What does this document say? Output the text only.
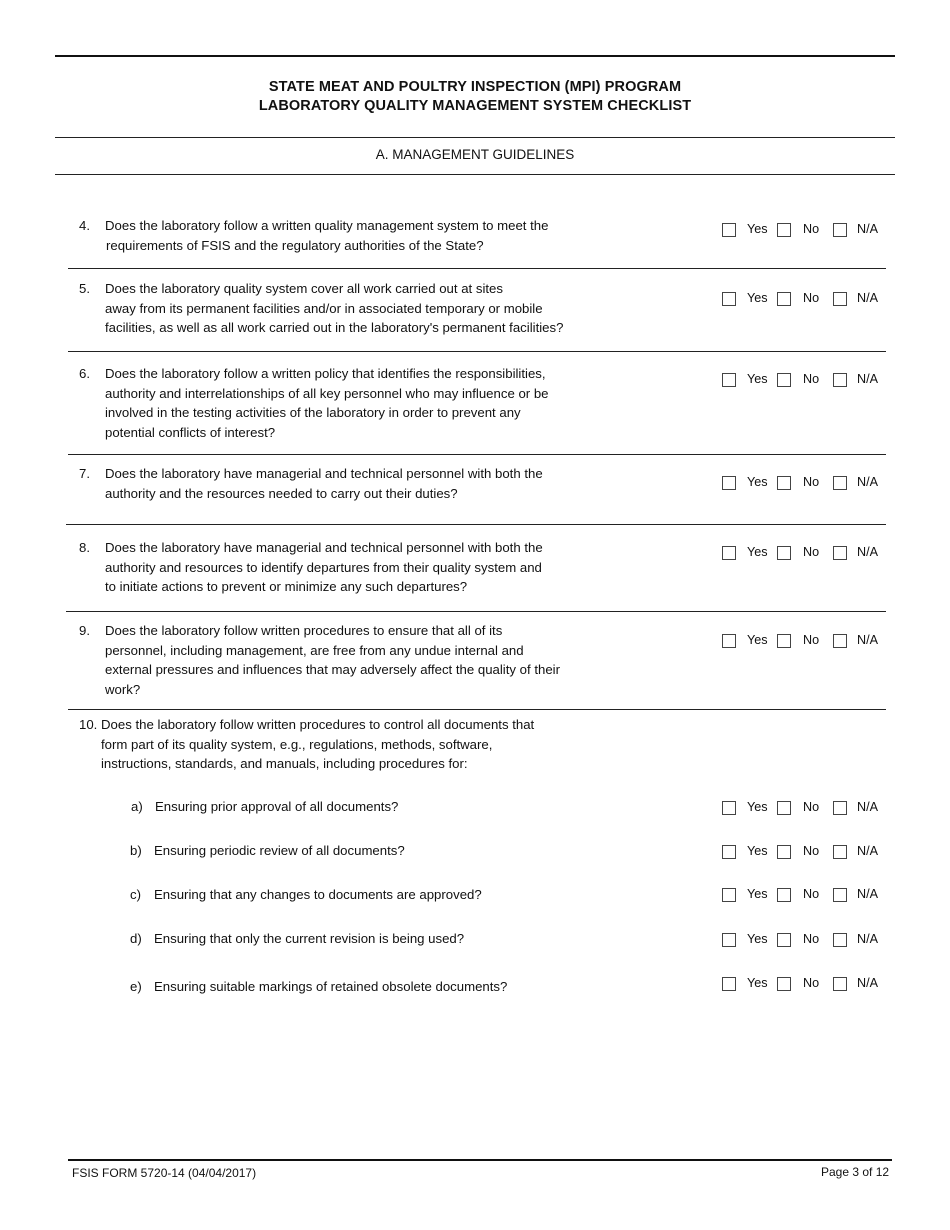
STATE MEAT AND POULTRY INSPECTION (MPI) PROGRAM
LABORATORY QUALITY MANAGEMENT SYSTEM CHECKLIST
A. MANAGEMENT GUIDELINES
4. Does the laboratory follow a written quality management system to meet the
requirements of FSIS and the regulatory authorities of the State?
Yes	No	N/A
5. Does the laboratory quality system cover all work carried out at sites
away from its permanent facilities and/or in associated temporary or mobile
facilities, as well as all work carried out in the laboratory's permanent facilities?
Yes	No	N/A
6. Does the laboratory follow a written policy that identifies the responsibilities,
authority and interrelationships of all key personnel who may influence or be
involved in the testing activities of the laboratory in order to prevent any
potential conflicts of interest?
Yes	No	N/A
7. Does the laboratory have managerial and technical personnel with both the
authority and the resources needed to carry out their duties?
Yes	No	N/A
8. Does the laboratory have managerial and technical personnel with both the
authority and resources to identify departures from their quality system and
to initiate actions to prevent or minimize any such departures?
Yes	No	N/A
9. Does the laboratory follow written procedures to ensure that all of its
personnel, including management, are free from any undue internal and
external pressures and influences that may adversely affect the quality of their
work?
Yes	No	N/A
10. Does the laboratory follow written procedures to control all documents that
form part of its quality system, e.g., regulations, methods, software,
instructions, standards, and manuals, including procedures for:
a) Ensuring prior approval of all documents?	Yes	No	N/A
b) Ensuring periodic review of all documents?	Yes	No	N/A
c) Ensuring that any changes to documents are approved?	Yes	No	N/A
d) Ensuring that only the current revision is being used?	Yes	No	N/A
e) Ensuring suitable markings of retained obsolete documents?	Yes	No	N/A
FSIS FORM 5720-14 (04/04/2017)	Page 3 of 12
